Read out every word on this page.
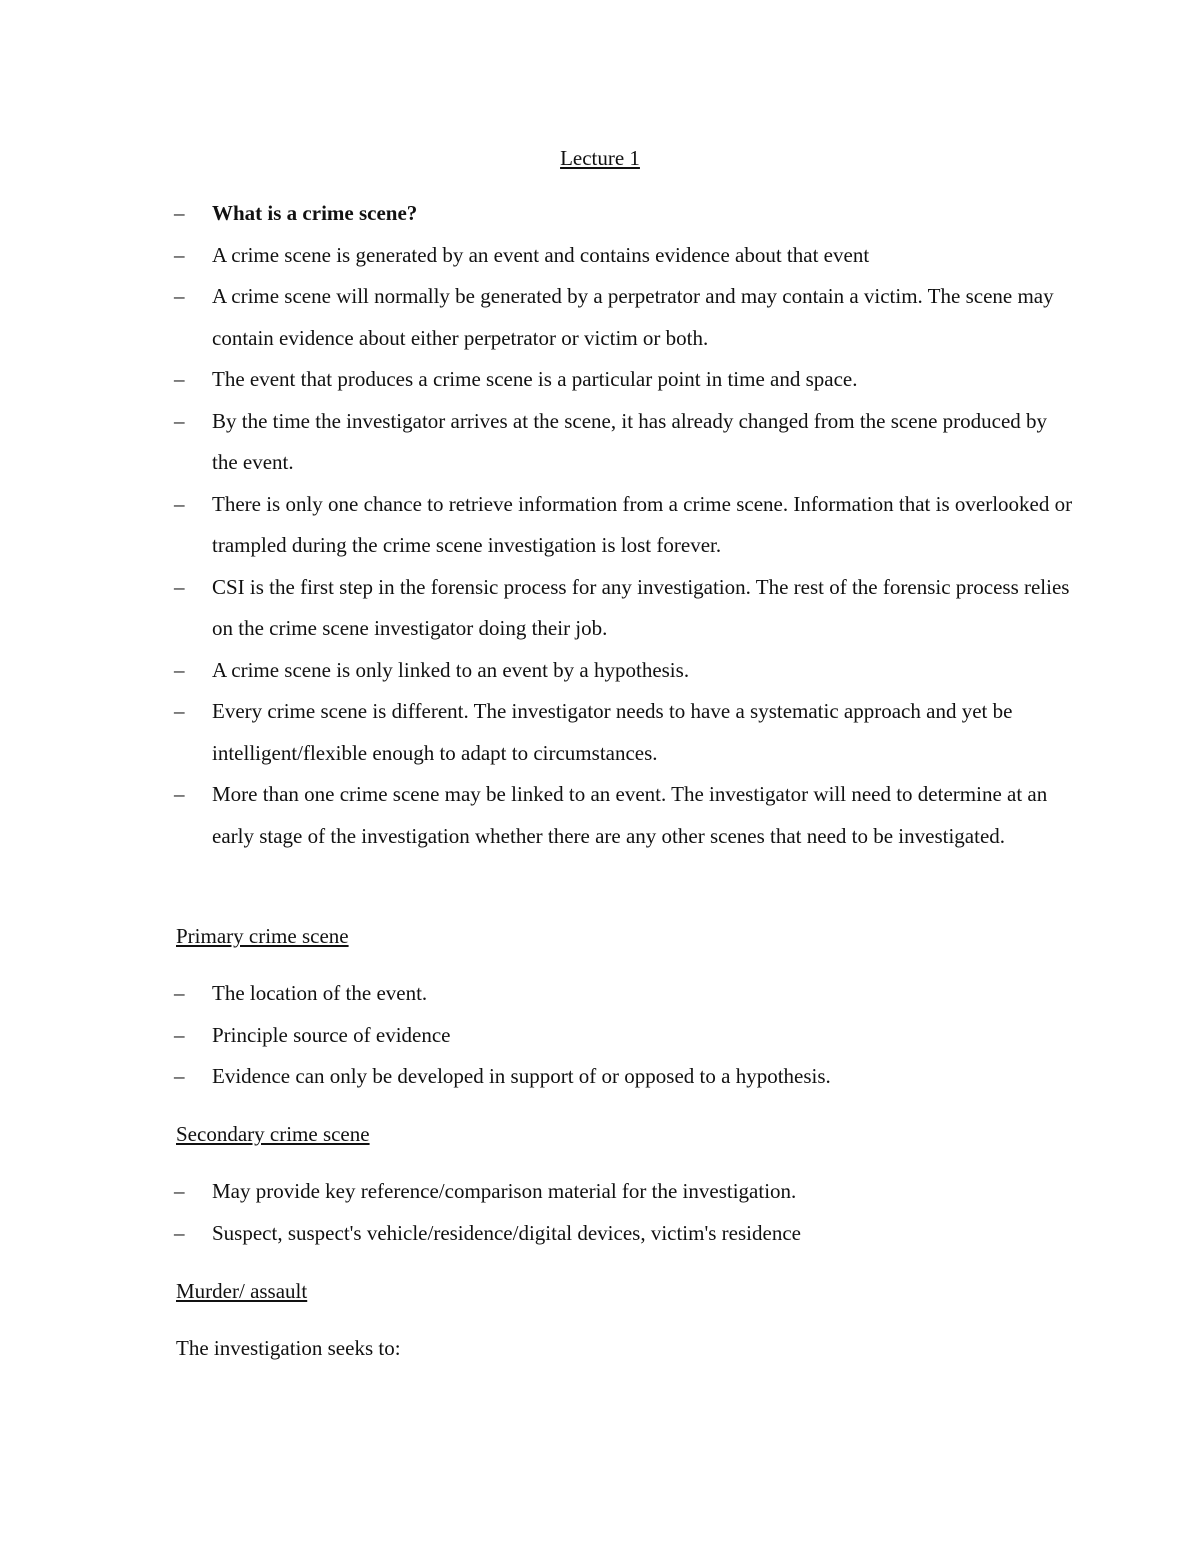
Lecture 1

– What is a crime scene?

– A crime scene is generated by an event and contains evidence about that event

– A crime scene will normally be generated by a perpetrator and may contain a victim. The scene may contain evidence about either perpetrator or victim or both.

– The event that produces a crime scene is a particular point in time and space.

– By the time the investigator arrives at the scene, it has already changed from the scene produced by the event.

– There is only one chance to retrieve information from a crime scene. Information that is overlooked or trampled during the crime scene investigation is lost forever.

– CSI is the first step in the forensic process for any investigation. The rest of the forensic process relies on the crime scene investigator doing their job.

– A crime scene is only linked to an event by a hypothesis.

– Every crime scene is different. The investigator needs to have a systematic approach and yet be intelligent/flexible enough to adapt to circumstances.

– More than one crime scene may be linked to an event. The investigator will need to determine at an early stage of the investigation whether there are any other scenes that need to be investigated.

Primary crime scene

– The location of the event.

– Principle source of evidence

– Evidence can only be developed in support of or opposed to a hypothesis.

Secondary crime scene

– May provide key reference/comparison material for the investigation.

– Suspect, suspect's vehicle/residence/digital devices, victim's residence

Murder/ assault
The investigation seeks to:
